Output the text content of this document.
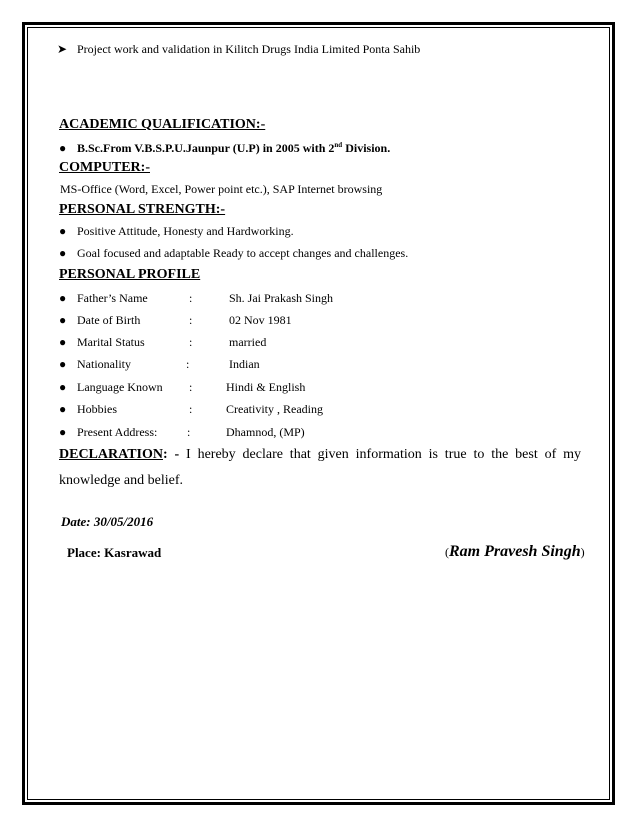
➤ Project work and validation in Kilitch Drugs India Limited Ponta Sahib
ACADEMIC QUALIFICATION:-
● B.Sc.From V.B.S.P.U.Jaunpur (U.P) in 2005 with 2nd Division.
COMPUTER:-
MS-Office (Word, Excel, Power point etc.), SAP Internet browsing
PERSONAL STRENGTH:-
● Positive Attitude, Honesty and Hardworking.
● Goal focused and adaptable Ready to accept changes and challenges.
PERSONAL PROFILE
● Father’s Name	:	Sh. Jai Prakash Singh
● Date of Birth	:	02 Nov 1981
● Marital Status	:	married
● Nationality	:	Indian
● Language Known :	Hindi & English
● Hobbies	:	Creativity , Reading
● Present Address: :	Dhamnod, (MP)
DECLARATION: - I hereby declare that given information is true to the best of my knowledge and belief.
Date: 30/05/2016
Place: Kasrawad	(Ram Pravesh Singh)
